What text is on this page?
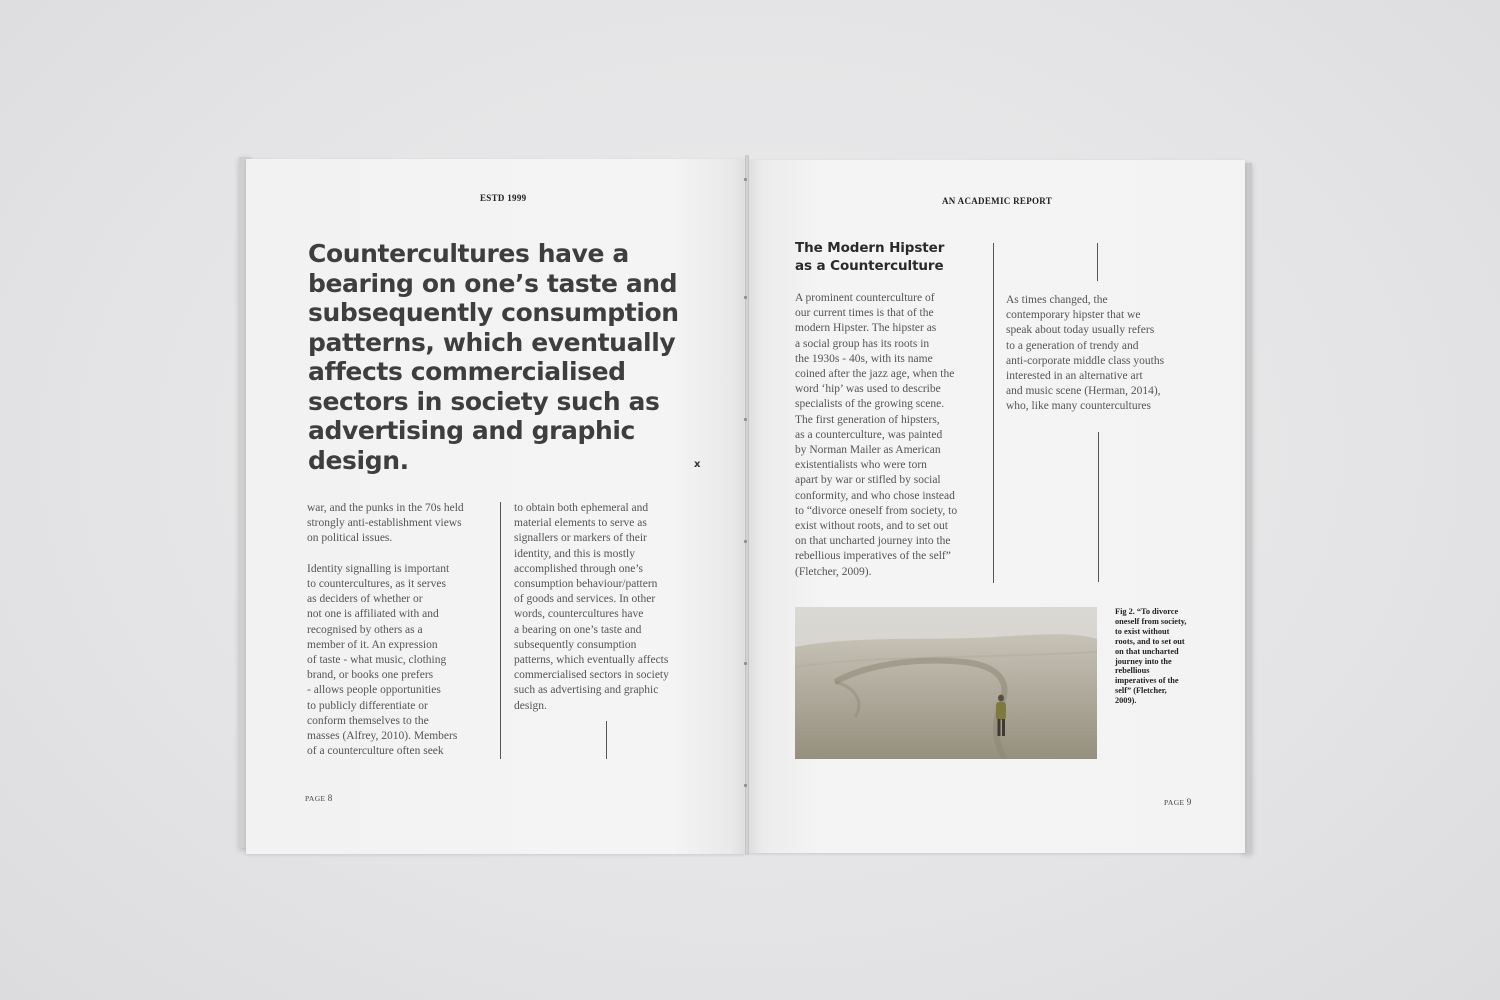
ESTD 1999
Countercultures have a bearing on one’s taste and subsequently consumption patterns, which eventually affects commercialised sectors in society such as advertising and graphic design.	x

war, and the punks in the 70s held
strongly anti-establishment views
on political issues.

Identity signalling is important
to countercultures, as it serves
as deciders of whether or
not one is affiliated with and
recognised by others as a
member of it. An expression
of taste - what music, clothing
brand, or books one prefers
- allows people opportunities
to publicly differentiate or
conform themselves to the
masses (Alfrey, 2010). Members
of a counterculture often seek

to obtain both ephemeral and
material elements to serve as
signallers or markers of their
identity, and this is mostly
accomplished through one’s
consumption behaviour/pattern
of goods and services. In other
words, countercultures have
a bearing on one’s taste and
subsequently consumption
patterns, which eventually affects
commercialised sectors in society
such as advertising and graphic
design.

PAGE 8
AN ACADEMIC REPORT
The Modern Hipster
as a Counterculture

A prominent counterculture of
our current times is that of the
modern Hipster. The hipster as
a social group has its roots in
the 1930s - 40s, with its name
coined after the jazz age, when the
word ‘hip’ was used to describe
specialists of the growing scene.
The first generation of hipsters,
as a counterculture, was painted
by Norman Mailer as American
existentialists who were torn
apart by war or stifled by social
conformity, and who chose instead
to “divorce oneself from society, to
exist without roots, and to set out
on that uncharted journey into the
rebellious imperatives of the self”
(Fletcher, 2009).

As times changed, the
contemporary hipster that we
speak about today usually refers
to a generation of trendy and
anti-corporate middle class youths
interested in an alternative art
and music scene (Herman, 2014),
who, like many countercultures

Fig 2. “To divorce oneself from society, to exist without roots, and to set out on that uncharted journey into the rebellious imperatives of the self” (Fletcher, 2009).

PAGE 9
